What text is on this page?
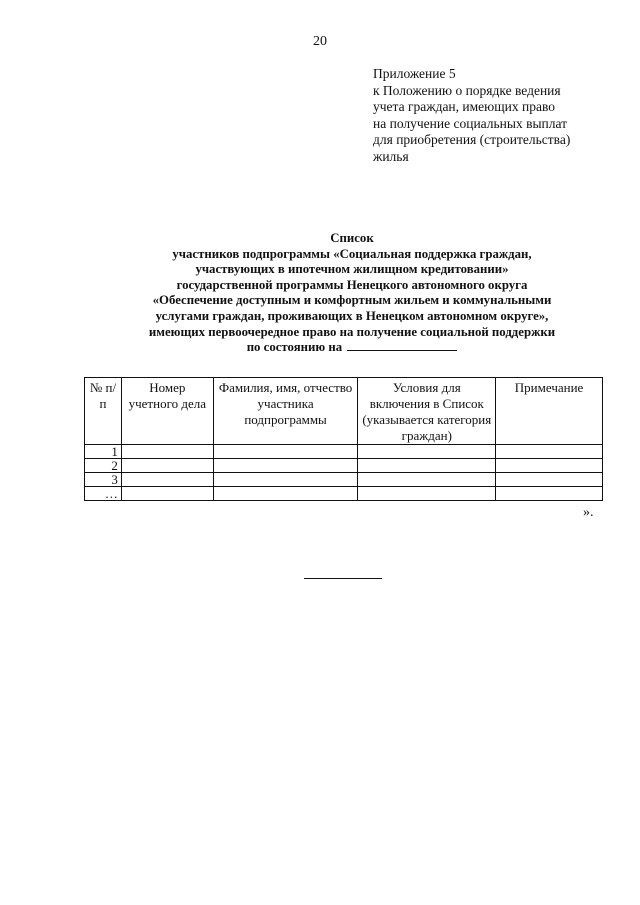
20
Приложение 5
к Положению о порядке ведения
учета граждан, имеющих право
на получение социальных выплат
для приобретения (строительства)
жилья
Список
участников подпрограммы «Социальная поддержка граждан,
участвующих в ипотечном жилищном кредитовании»
государственной программы Ненецкого автономного округа
«Обеспечение доступным и комфортным жильем и коммунальными
услугами граждан, проживающих в Ненецком автономном округе»,
имеющих первоочередное право на получение социальной поддержки
по состоянию на
№ п/п	Номер учетного дела	Фамилия, имя, отчество участника подпрограммы	Условия для включения в Список (указывается категория граждан)	Примечание
1				
2				
3				
…				
».
